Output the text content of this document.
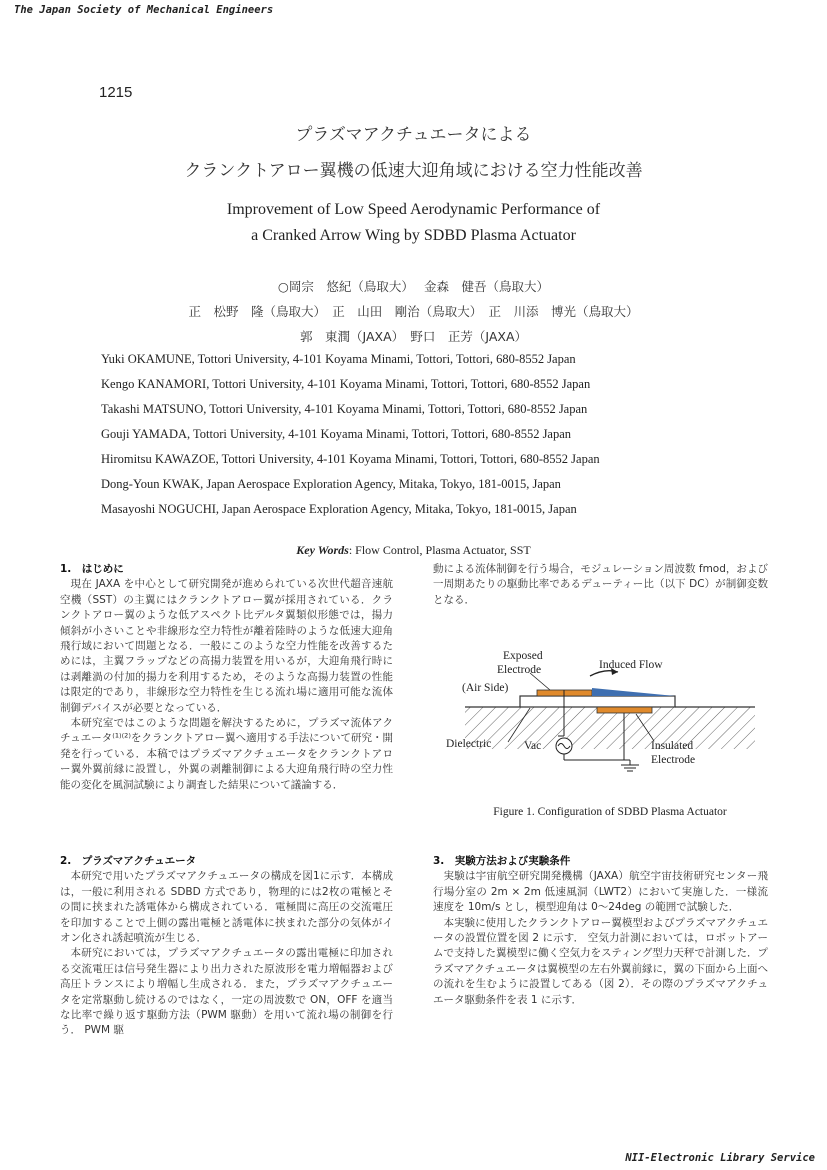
The Japan Society of Mechanical Engineers
1215
プラズマアクチュエータによる
クランクトアロー翼機の低速大迎角域における空力性能改善
Improvement of Low Speed Aerodynamic Performance of
a Cranked Arrow Wing by SDBD Plasma Actuator
○岡宗　悠紀（鳥取大）　 金森　健吾（鳥取大）
正　松野　隆（鳥取大）　正　山田　剛治（鳥取大）　正　川添　博光（鳥取大）
郭　東潤（JAXA）　野口　正芳（JAXA）
Yuki OKAMUNE, Tottori University, 4-101 Koyama Minami, Tottori, Tottori, 680-8552 Japan
Kengo KANAMORI, Tottori University, 4-101 Koyama Minami, Tottori, Tottori, 680-8552 Japan
Takashi MATSUNO, Tottori University, 4-101 Koyama Minami, Tottori, Tottori, 680-8552 Japan
Gouji YAMADA, Tottori University, 4-101 Koyama Minami, Tottori, Tottori, 680-8552 Japan
Hiromitsu KAWAZOE, Tottori University, 4-101 Koyama Minami, Tottori, Tottori, 680-8552 Japan
Dong-Youn KWAK, Japan Aerospace Exploration Agency, Mitaka, Tokyo, 181-0015, Japan
Masayoshi NOGUCHI, Japan Aerospace Exploration Agency, Mitaka, Tokyo, 181-0015, Japan
Key Words: Flow Control, Plasma Actuator, SST
1.　はじめに

現在 JAXA を中心として研究開発が進められている次世代超音速航空機（SST）の主翼にはクランクトアロー翼が採用されている．クランクトアロー翼のような低アスペクト比デルタ翼類似形態では，揚力傾斜が小さいことや非線形な空力特性が離着陸時のような低速大迎角飛行域において問題となる．一般にこのような空力性能を改善するためには，主翼フラップなどの高揚力装置を用いるが，大迎角飛行時には剥離渦の付加的揚力を利用するため，そのような高揚力装置の性能は限定的であり，非線形な空力特性を生じる流れ場に適用可能な流体制御デバイスが必要となっている．

本研究室ではこのような問題を解決するために，プラズマ流体アクチュエータ⁽¹⁾⁽²⁾をクランクトアロー翼へ適用する手法について研究・開発を行っている．本稿ではプラズマアクチュエータをクランクトアロー翼外翼前縁に設置し，外翼の剥離制御による大迎角飛行時の空力性能の変化を風洞試験により調査した結果について議論する．

2.　プラズマアクチュエータ

本研究で用いたプラズマアクチュエータの構成を図1に示す．本構成は，一般に利用される SDBD 方式であり，物理的には2枚の電極とその間に挟まれた誘電体から構成されている．電極間に高圧の交流電圧を印加することで上側の露出電極と誘電体に挟まれた部分の気体がイオン化され誘起噴流が生じる．

本研究においては，プラズマアクチュエータの露出電極に印加される交流電圧は信号発生器により出力された原波形を電力増幅器および高圧トランスにより増幅し生成される．また，プラズマアクチュエータを定常駆動し続けるのではなく，一定の周波数で ON，OFF を適当な比率で繰り返す駆動方法（PWM 駆動）を用いて流れ場の制御を行う． PWM 駆

動による流体制御を行う場合，モジュレーション周波数 fmod，および一周期あたりの駆動比率であるデューティー比（以下 DC）が制御変数となる．
Exposed
Electrode
(Air Side)
Induced Flow
Dielectric	Vac	Insulated
Electrode
Figure 1. Configuration of SDBD Plasma Actuator
3.　実験方法および実験条件

実験は宇宙航空研究開発機構（JAXA）航空宇宙技術研究センター飛行場分室の 2m × 2m 低速風洞（LWT2）において実施した．一様流速度を 10m/s とし，模型迎角は 0～24deg の範囲で試験した．

本実験に使用したクランクトアロー翼模型およびプラズマアクチュエータの設置位置を図 2 に示す． 空気力計測においては，ロボットアームで支持した翼模型に働く空気力をスティング型力天秤で計測した．プラズマアクチュエータは翼模型の左右外翼前縁に，翼の下面から上面への流れを生むように設置してある（図 2）．その際のプラズマアクチュエータ駆動条件を表 1 に示す．

NII-Electronic Library Service
